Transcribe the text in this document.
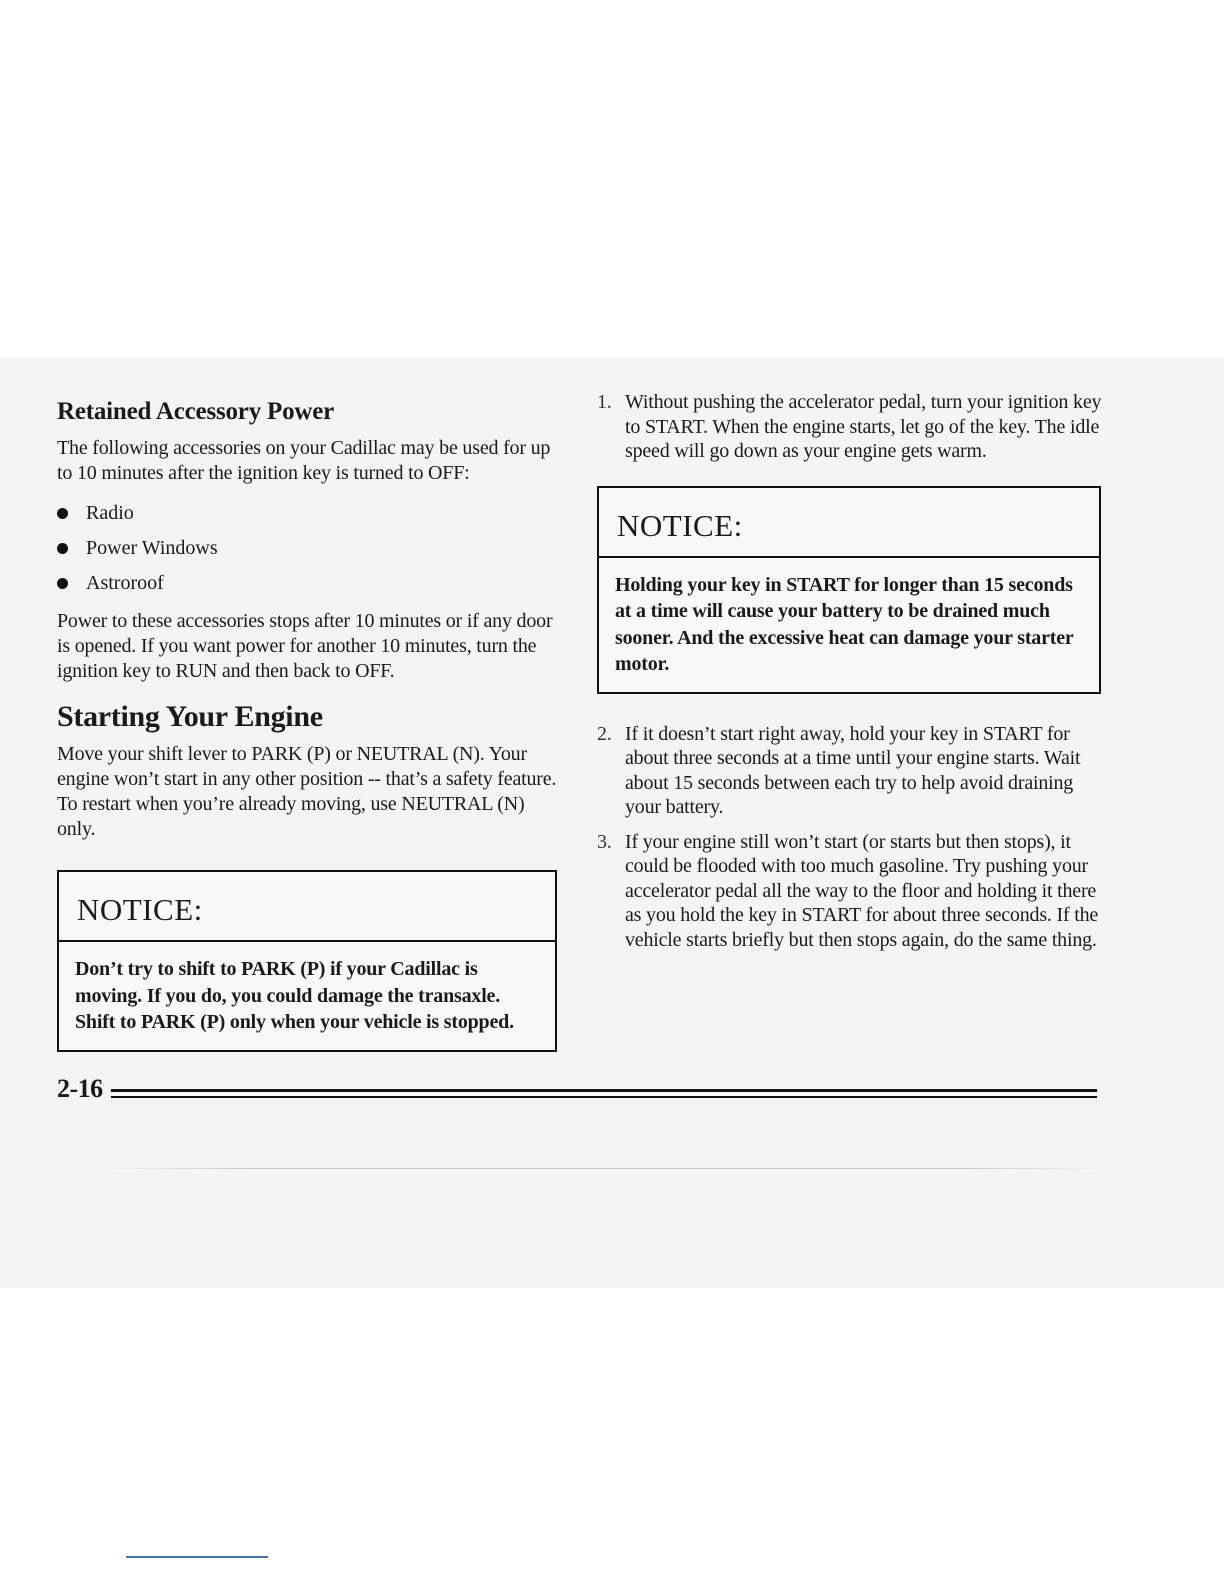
Retained Accessory Power

The following accessories on your Cadillac may be used for up to 10 minutes after the ignition key is turned to OFF:

Radio
Power Windows
Astroroof

Power to these accessories stops after 10 minutes or if any door is opened. If you want power for another 10 minutes, turn the ignition key to RUN and then back to OFF.

Starting Your Engine

Move your shift lever to PARK (P) or NEUTRAL (N). Your engine won’t start in any other position -- that’s a safety feature. To restart when you’re already moving, use NEUTRAL (N) only.

NOTICE:
Don’t try to shift to PARK (P) if your Cadillac is moving. If you do, you could damage the transaxle. Shift to PARK (P) only when your vehicle is stopped.
1. Without pushing the accelerator pedal, turn your ignition key to START. When the engine starts, let go of the key. The idle speed will go down as your engine gets warm.
NOTICE:
Holding your key in START for longer than 15 seconds at a time will cause your battery to be drained much sooner. And the excessive heat can damage your starter motor.
2. If it doesn’t start right away, hold your key in START for about three seconds at a time until your engine starts. Wait about 15 seconds between each try to help avoid draining your battery.
3. If your engine still won’t start (or starts but then stops), it could be flooded with too much gasoline. Try pushing your accelerator pedal all the way to the floor and holding it there as you hold the key in START for about three seconds. If the vehicle starts briefly but then stops again, do the same thing.
2-16
